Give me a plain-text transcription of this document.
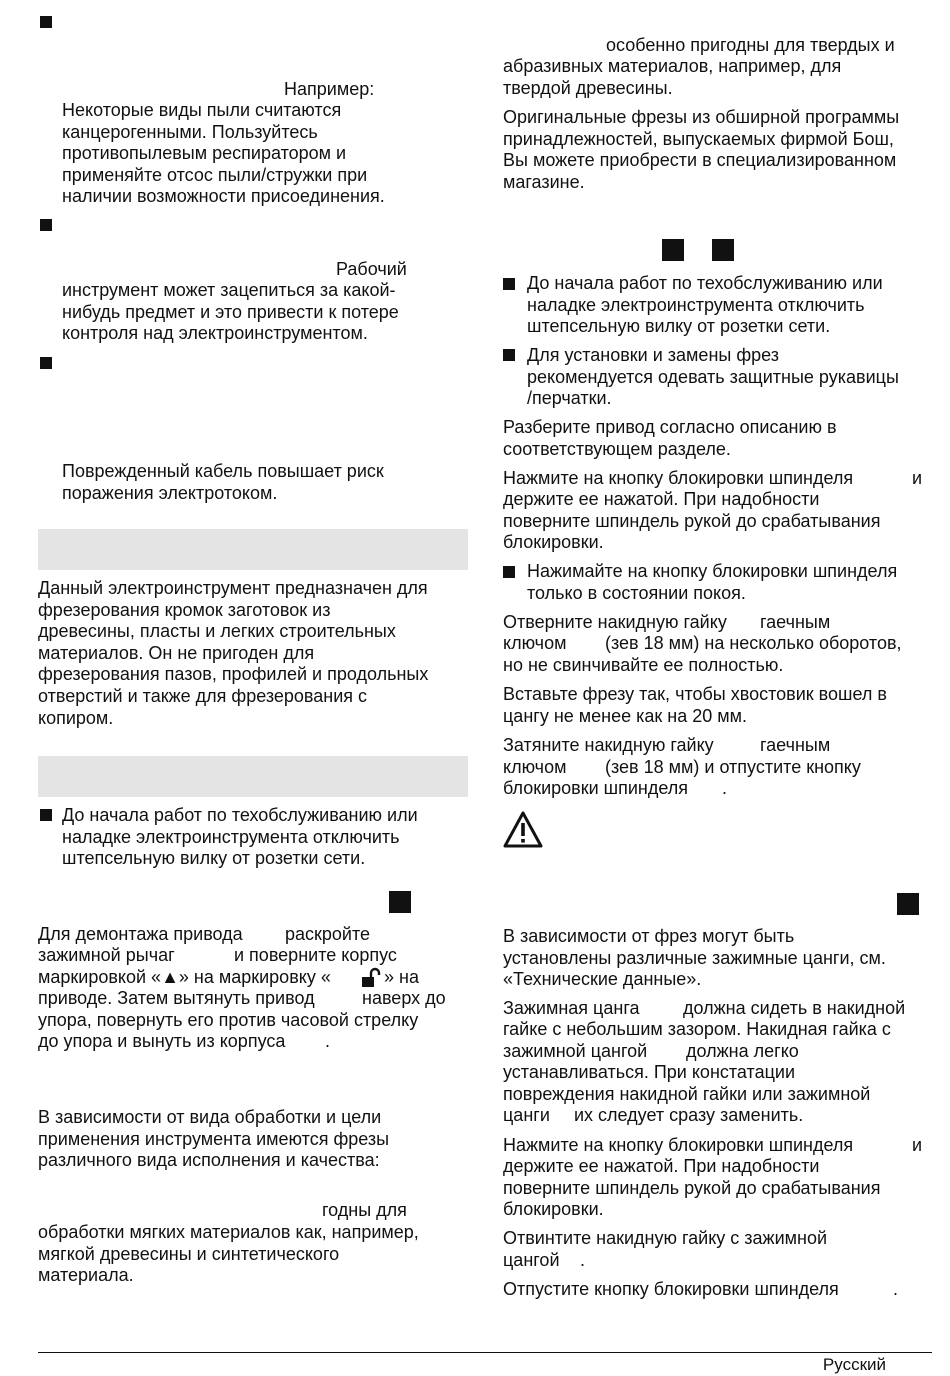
Например:
Некоторые виды пыли считаются
канцерогенными. Пользуйтесь
противопылевым респиратором и
применяйте отсос пыли/стружки при
наличии возможности присоединения.
Рабочий
инструмент может зацепиться за какой-
нибудь предмет и это привести к потере
контроля над электроинструментом.
Поврежденный кабель повышает риск
поражения электротоком.
Данный электроинструмент предназначен для
фрезерования кромок заготовок из
древесины, пласты и легких строительных
материалов. Он не пригоден для
фрезерования пазов, профилей и продольных
отверстий и также для фрезерования с
копиром.
До начала работ по техобслуживанию или
наладке электроинструмента отключить
штепсельную вилку от розетки сети.
Для демонтажа привода раскройте
зажимной рычаг	и поверните корпус
маркировкой «▲» на маркировку «	» на
приводе. Затем вытянуть привод	наверх до
упора, повернуть его против часовой стрелку
до упора и вынуть из корпуса .
В зависимости от вида обработки и цели
применения инструмента имеются фрезы
различного вида исполнения и качества:
годны для
обработки мягких материалов как, например,
мягкой древесины и синтетического
материала.
особенно пригодны для твердых и
абразивных материалов, например, для
твердой древесины.
Оригинальные фрезы из обширной программы
принадлежностей, выпускаемых фирмой Бош,
Вы можете приобрести в специализированном
магазине.
До начала работ по техобслуживанию или
наладке электроинструмента отключить
штепсельную вилку от розетки сети.
Для установки и замены фрез
рекомендуется одевать защитные рукавицы
/перчатки.
Разберите привод согласно описанию в
соответствующем разделе.
Нажмите на кнопку блокировки шпинделя	и
держите ее нажатой. При надобности
поверните шпиндель рукой до срабатывания
блокировки.
Нажимайте на кнопку блокировки шпинделя
только в состоянии покоя.
Отверните накидную гайку гаечным
ключом (зев 18 мм) на несколько оборотов,
но не свинчивайте ее полностью.
Вставьте фрезу так, чтобы хвостовик вошел в
цангу не менее как на 20 мм.
Затяните накидную гайку	гаечным
ключом (зев 18 мм) и отпустите кнопку
блокировки шпинделя .
В зависимости от фрез могут быть
установлены различные зажимные цанги, см.
«Технические данные».
Зажимная цанга должна сидеть в накидной
гайке с небольшим зазором. Накидная гайка с
зажимной цангой должна легко
устанавливаться. При констатации
повреждения накидной гайки или зажимной
цанги их следует сразу заменить.
Нажмите на кнопку блокировки шпинделя	и
держите ее нажатой. При надобности
поверните шпиндель рукой до срабатывания
блокировки.
Отвинтите накидную гайку с зажимной
цангой .
Отпустите кнопку блокировки шпинделя	.
Русский
